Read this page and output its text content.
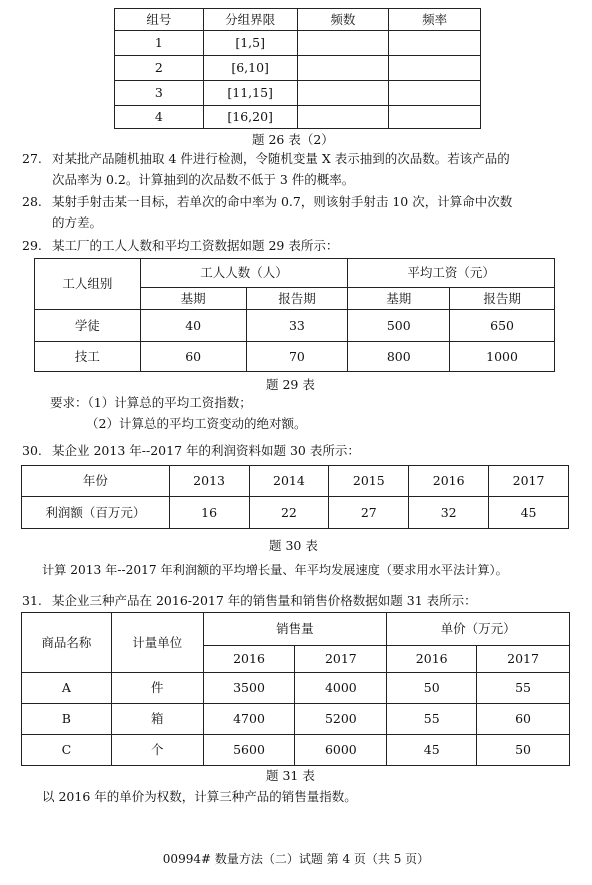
组号	分组界限	频数	频率
1	[1,5]		
2	[6,10]		
3	[11,15]		
4	[16,20]		
题 26 表（2）
27. 对某批产品随机抽取 4 件进行检测，令随机变量 X 表示抽到的次品数。若该产品的
次品率为 0.2。计算抽到的次品数不低于 3 件的概率。
28. 某射手射击某一目标，若单次的命中率为 0.7，则该射手射击 10 次，计算命中次数
的方差。
29. 某工厂的工人人数和平均工资数据如题 29 表所示：
工人组别	工人人数（人）		平均工资（元）	
	基期	报告期	基期	报告期
学徒	40	33	500	650
技工	60	70	800	1000
题 29 表
要求：（1）计算总的平均工资指数；
（2）计算总的平均工资变动的绝对额。
30. 某企业 2013 年--2017 年的利润资料如题 30 表所示：
年份	2013	2014	2015	2016	2017
利润额（百万元）	16	22	27	32	45
题 30 表
计算 2013 年--2017 年利润额的平均增长量、年平均发展速度（要求用水平法计算）。
31. 某企业三种产品在 2016-2017 年的销售量和销售价格数据如题 31 表所示：
商品名称	计量单位	销售量		单价（万元）	
		2016	2017	2016	2017
A	件	3500	4000	50	55
B	箱	4700	5200	55	60
C	个	5600	6000	45	50
题 31 表
以 2016 年的单价为权数，计算三种产品的销售量指数。
00994# 数量方法（二）试题 第 4 页（共 5 页）
